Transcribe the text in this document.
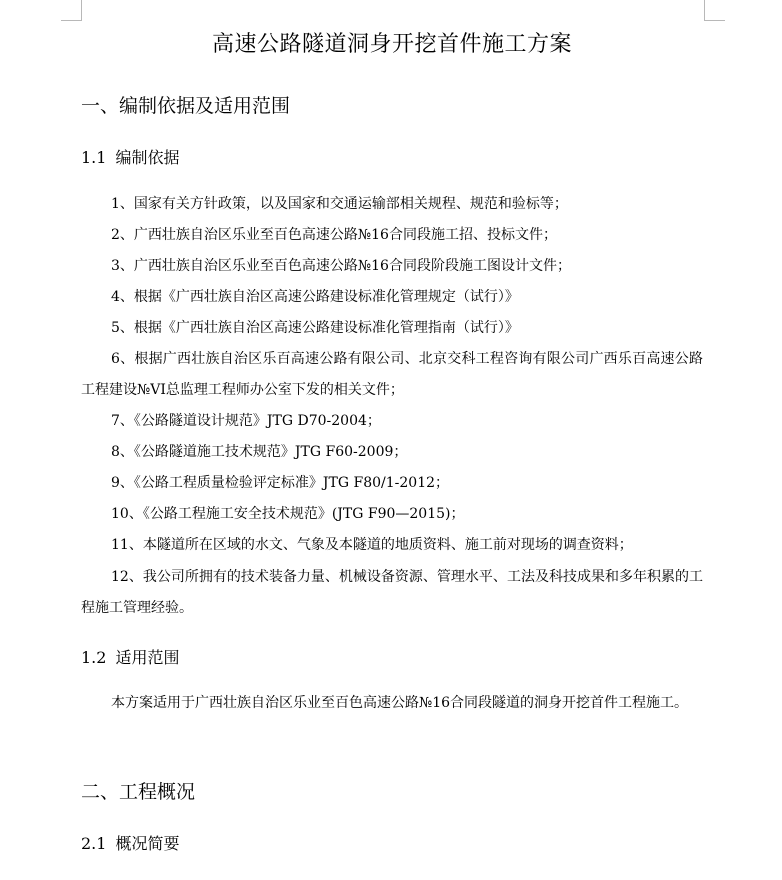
高速公路隧道洞身开挖首件施工方案
一、编制依据及适用范围
1.1 编制依据
1、国家有关方针政策，以及国家和交通运输部相关规程、规范和验标等；
2、广西壮族自治区乐业至百色高速公路№16合同段施工招、投标文件；
3、广西壮族自治区乐业至百色高速公路№16合同段阶段施工图设计文件；
4、根据《广西壮族自治区高速公路建设标准化管理规定（试行）》
5、根据《广西壮族自治区高速公路建设标准化管理指南（试行）》
6、根据广西壮族自治区乐百高速公路有限公司、北京交科工程咨询有限公司广西乐百高速公路工程建设№VI总监理工程师办公室下发的相关文件；
7、《公路隧道设计规范》JTG D70-2004；
8、《公路隧道施工技术规范》JTG F60-2009；
9、《公路工程质量检验评定标准》JTG F80/1-2012；
10、《公路工程施工安全技术规范》(JTG F90—2015)；
11、本隧道所在区域的水文、气象及本隧道的地质资料、施工前对现场的调查资料；
12、我公司所拥有的技术装备力量、机械设备资源、管理水平、工法及科技成果和多年积累的工程施工管理经验。
1.2 适用范围
本方案适用于广西壮族自治区乐业至百色高速公路№16合同段隧道的洞身开挖首件工程施工。
二、工程概况
2.1 概况简要
